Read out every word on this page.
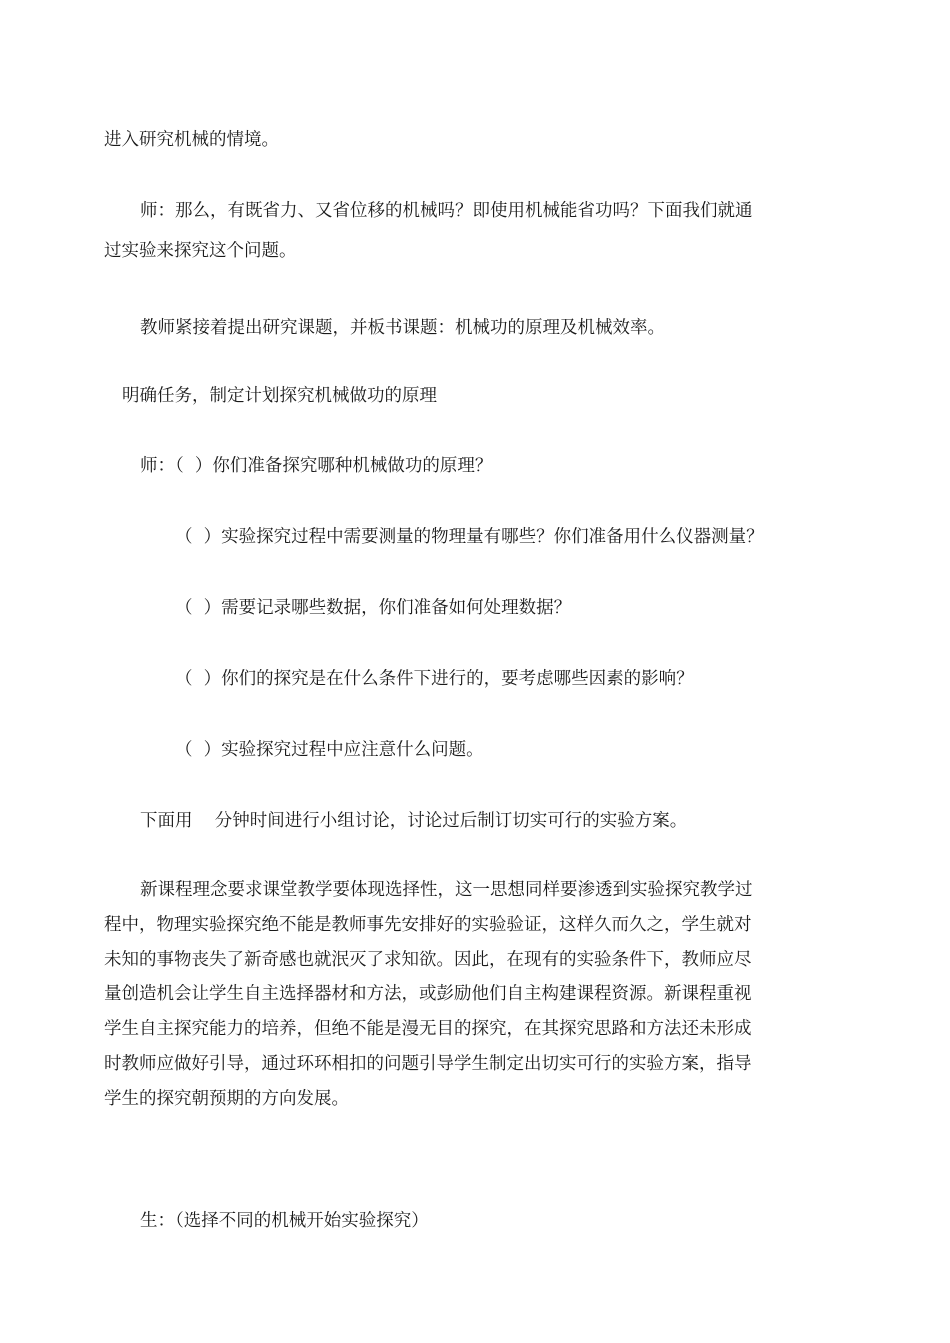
进入研究机械的情境。

师：那么，有既省力、又省位移的机械吗？即使用机械能省功吗？下面我们就通

过实验来探究这个问题。

教师紧接着提出研究课题，并板书课题：机械功的原理及机械效率。

明确任务，制定计划探究机械做功的原理

师：（  ）你们准备探究哪种机械做功的原理？

（  ）实验探究过程中需要测量的物理量有哪些？你们准备用什么仪器测量？

（  ）需要记录哪些数据，你们准备如何处理数据？

（  ）你们的探究是在什么条件下进行的，要考虑哪些因素的影响？

（  ）实验探究过程中应注意什么问题。

下面用    分钟时间进行小组讨论，讨论过后制订切实可行的实验方案。

新课程理念要求课堂教学要体现选择性，这一思想同样要渗透到实验探究教学过

程中，物理实验探究绝不能是教师事先安排好的实验验证，这样久而久之，学生就对

未知的事物丧失了新奇感也就泯灭了求知欲。因此，在现有的实验条件下，教师应尽

量创造机会让学生自主选择器材和方法，或彭励他们自主构建课程资源。新课程重视

学生自主探究能力的培养，但绝不能是漫无目的探究，在其探究思路和方法还未形成

时教师应做好引导，通过环环相扣的问题引导学生制定出切实可行的实验方案，指导

学生的探究朝预期的方向发展。

生：（选择不同的机械开始实验探究）
